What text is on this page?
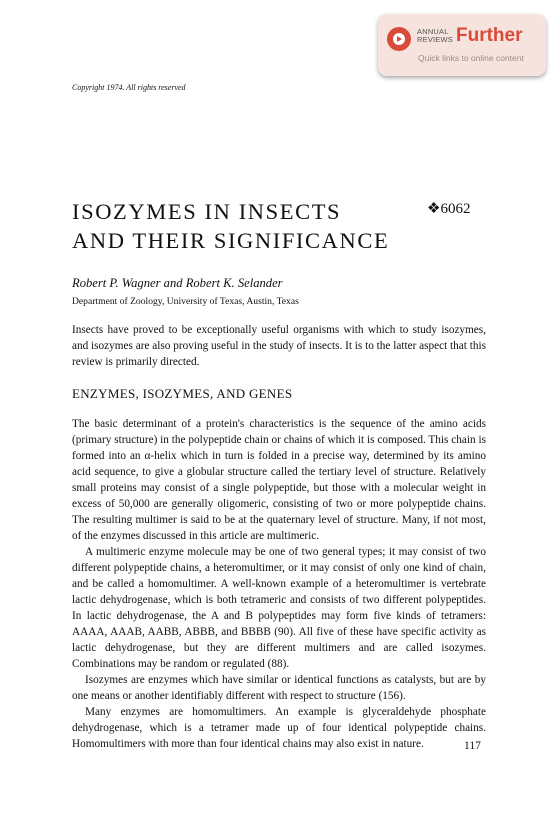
ANNUAL
REVIEWS Further
Quick links to online content
Copyright 1974. All rights reserved
ISOZYMES IN INSECTS
AND THEIR SIGNIFICANCE
❖6062
Robert P. Wagner and Robert K. Selander
Department of Zoology, University of Texas, Austin, Texas
Insects have proved to be exceptionally useful organisms with which to study isozymes, and isozymes are also proving useful in the study of insects. It is to the latter aspect that this review is primarily directed.
ENZYMES, ISOZYMES, AND GENES

The basic determinant of a protein's characteristics is the sequence of the amino acids (primary structure) in the polypeptide chain or chains of which it is composed. This chain is formed into an α-helix which in turn is folded in a precise way, determined by its amino acid sequence, to give a globular structure called the tertiary level of structure. Relatively small proteins may consist of a single polypeptide, but those with a molecular weight in excess of 50,000 are generally oligomeric, consisting of two or more polypeptide chains. The resulting multimer is said to be at the quaternary level of structure. Many, if not most, of the enzymes discussed in this article are multimeric.

A multimeric enzyme molecule may be one of two general types; it may consist of two different polypeptide chains, a heteromultimer, or it may consist of only one kind of chain, and be called a homomultimer. A well-known example of a heteromultimer is vertebrate lactic dehydrogenase, which is both tetrameric and consists of two different polypeptides. In lactic dehydrogenase, the A and B polypeptides may form five kinds of tetramers: AAAA, AAAB, AABB, ABBB, and BBBB (90). All five of these have specific activity as lactic dehydrogenase, but they are different multimers and are called isozymes. Combinations may be random or regulated (88).

Isozymes are enzymes which have similar or identical functions as catalysts, but are by one means or another identifiably different with respect to structure (156).

Many enzymes are homomultimers. An example is glyceraldehyde phosphate dehydrogenase, which is a tetramer made up of four identical polypeptide chains. Homomultimers with more than four identical chains may also exist in nature.	117
